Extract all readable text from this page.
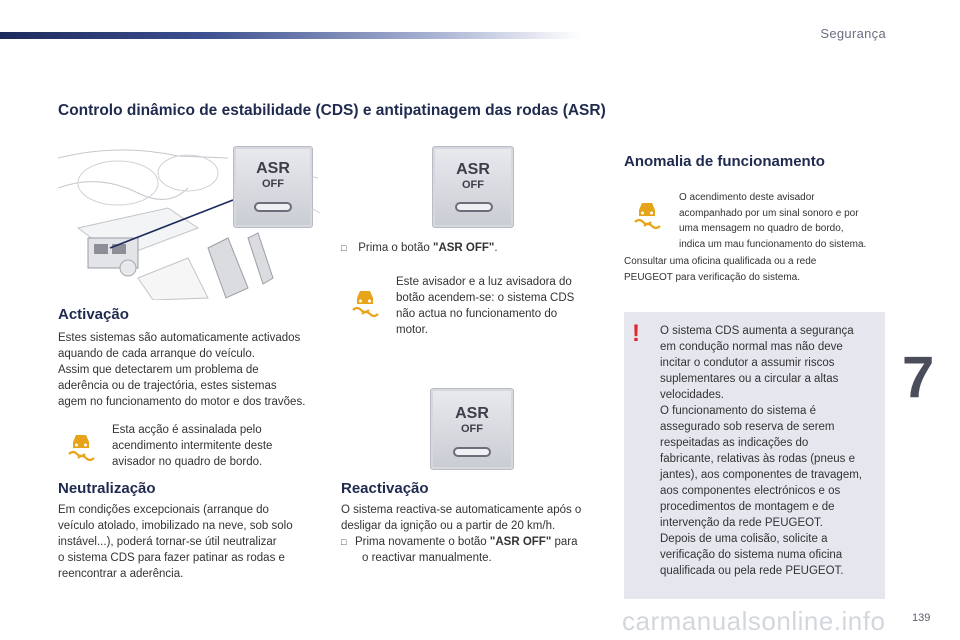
Segurança
Controlo dinâmico de estabilidade (CDS) e antipatinagem das rodas (ASR)
ASR
OFF
Activação
Estes sistemas são automaticamente activados
aquando de cada arranque do veículo.
Assim que detectarem um problema de
aderência ou de trajectória, estes sistemas
agem no funcionamento do motor e dos travões.
Esta acção é assinalada pelo
acendimento intermitente deste
avisador no quadro de bordo.
Neutralização
Em condições excepcionais (arranque do
veículo atolado, imobilizado na neve, sob solo
instável...), poderá tornar-se útil neutralizar
o sistema CDS para fazer patinar as rodas e
reencontrar a aderência.
ASR
OFF
□ Prima o botão "ASR OFF".
Este avisador e a luz avisadora do
botão acendem-se: o sistema CDS
não actua no funcionamento do
motor.
ASR
OFF
Reactivação
O sistema reactiva-se automaticamente após o
desligar da ignição ou a partir de 20 km/h.
□ Prima novamente o botão "ASR OFF" para
o reactivar manualmente.
Anomalia de funcionamento
O acendimento deste avisador
acompanhado por um sinal sonoro e por
uma mensagem no quadro de bordo,
indica um mau funcionamento do sistema.
Consultar uma oficina qualificada ou a rede
PEUGEOT para verificação do sistema.
! O sistema CDS aumenta a segurança
em condução normal mas não deve
incitar o condutor a assumir riscos
suplementares ou a circular a altas
velocidades.
O funcionamento do sistema é
assegurado sob reserva de serem
respeitadas as indicações do
fabricante, relativas às rodas (pneus e
jantes), aos componentes de travagem,
aos componentes electrónicos e os
procedimentos de montagem e de
intervenção da rede PEUGEOT.
Depois de uma colisão, solicite a
verificação do sistema numa oficina
qualificada ou pela rede PEUGEOT.
7
carmanualsonline.info 139
